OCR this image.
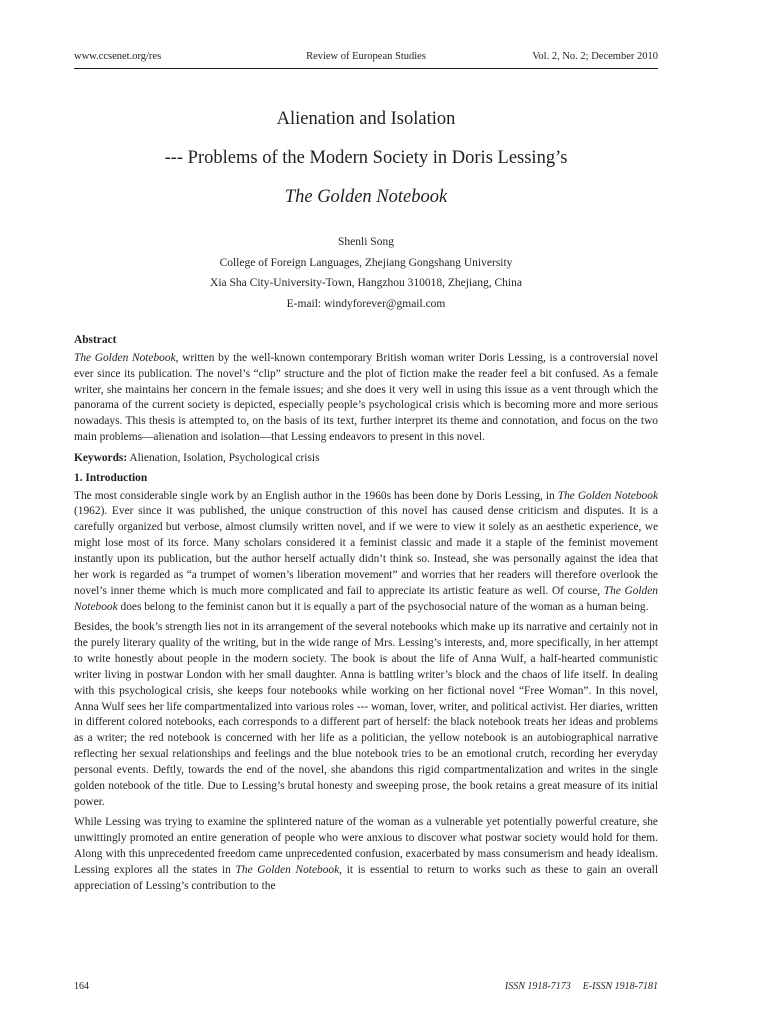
www.ccsenet.org/res	Review of European Studies	Vol. 2, No. 2; December 2010
Alienation and Isolation
--- Problems of the Modern Society in Doris Lessing’s
The Golden Notebook
Shenli Song
College of Foreign Languages, Zhejiang Gongshang University
Xia Sha City-University-Town, Hangzhou 310018, Zhejiang, China
E-mail: windyforever@gmail.com
Abstract

The Golden Notebook, written by the well-known contemporary British woman writer Doris Lessing, is a controversial novel ever since its publication. The novel’s “clip” structure and the plot of fiction make the reader feel a bit confused. As a female writer, she maintains her concern in the female issues; and she does it very well in using this issue as a vent through which the panorama of the current society is depicted, especially people’s psychological crisis which is becoming more and more serious nowadays. This thesis is attempted to, on the basis of its text, further interpret its theme and connotation, and focus on the two main problems—alienation and isolation—that Lessing endeavors to present in this novel.

Keywords: Alienation, Isolation, Psychological crisis

1. Introduction

The most considerable single work by an English author in the 1960s has been done by Doris Lessing, in The Golden Notebook (1962). Ever since it was published, the unique construction of this novel has caused dense criticism and disputes. It is a carefully organized but verbose, almost clumsily written novel, and if we were to view it solely as an aesthetic experience, we might lose most of its force. Many scholars considered it a feminist classic and made it a staple of the feminist movement instantly upon its publication, but the author herself actually didn’t think so. Instead, she was personally against the idea that her work is regarded as “a trumpet of women’s liberation movement” and worries that her readers will therefore overlook the novel’s inner theme which is much more complicated and fail to appreciate its artistic feature as well. Of course, The Golden Notebook does belong to the feminist canon but it is equally a part of the psychosocial nature of the woman as a human being.

Besides, the book’s strength lies not in its arrangement of the several notebooks which make up its narrative and certainly not in the purely literary quality of the writing, but in the wide range of Mrs. Lessing’s interests, and, more specifically, in her attempt to write honestly about people in the modern society. The book is about the life of Anna Wulf, a half-hearted communistic writer living in postwar London with her small daughter. Anna is battling writer’s block and the chaos of life itself. In dealing with this psychological crisis, she keeps four notebooks while working on her fictional novel “Free Woman”. In this novel, Anna Wulf sees her life compartmentalized into various roles --- woman, lover, writer, and political activist. Her diaries, written in different colored notebooks, each corresponds to a different part of herself: the black notebook treats her ideas and problems as a writer; the red notebook is concerned with her life as a politician, the yellow notebook is an autobiographical narrative reflecting her sexual relationships and feelings and the blue notebook tries to be an emotional crutch, recording her everyday personal events. Deftly, towards the end of the novel, she abandons this rigid compartmentalization and writes in the single golden notebook of the title. Due to Lessing’s brutal honesty and sweeping prose, the book retains a great measure of its initial power.

While Lessing was trying to examine the splintered nature of the woman as a vulnerable yet potentially powerful creature, she unwittingly promoted an entire generation of people who were anxious to discover what postwar society would hold for them. Along with this unprecedented freedom came unprecedented confusion, exacerbated by mass consumerism and heady idealism. Lessing explores all the states in The Golden Notebook, it is essential to return to works such as these to gain an overall appreciation of Lessing’s contribution to the

164	ISSN 1918-7173 E-ISSN 1918-7181
